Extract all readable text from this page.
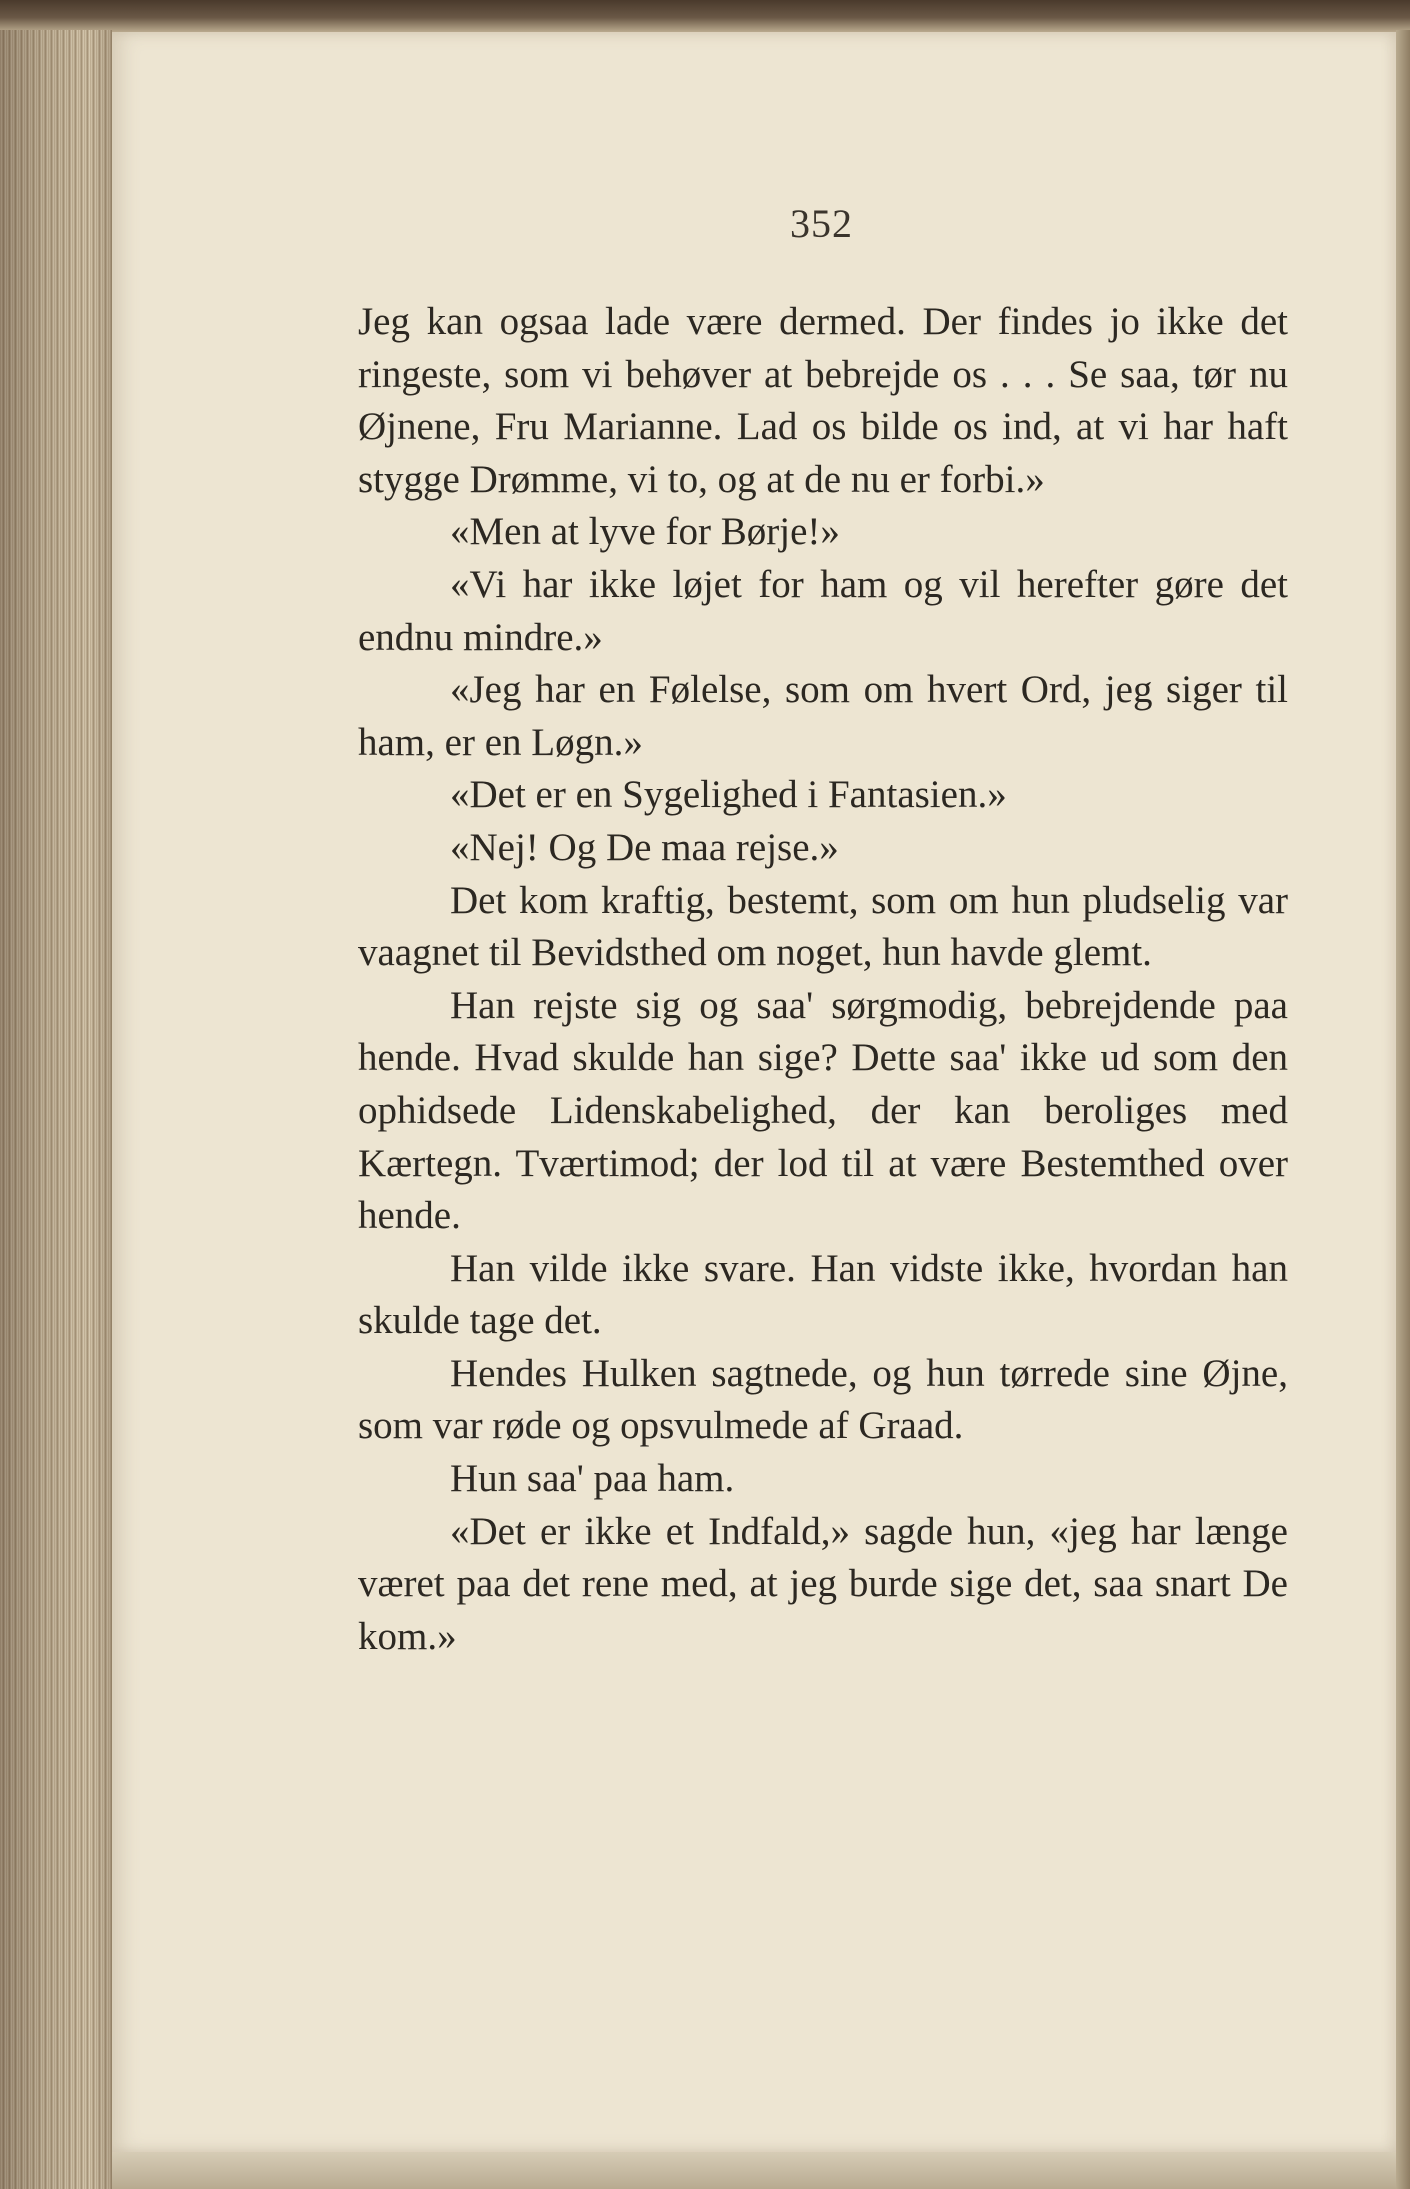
352

Jeg kan ogsaa lade være dermed. Der findes jo ikke det ringeste, som vi behøver at bebrejde os . . . Se saa, tør nu Øjnene, Fru Marianne. Lad os bilde os ind, at vi har haft stygge Drømme, vi to, og at de nu er forbi.»

«Men at lyve for Børje!»

«Vi har ikke løjet for ham og vil herefter gøre det endnu mindre.»

«Jeg har en Følelse, som om hvert Ord, jeg siger til ham, er en Løgn.»

«Det er en Sygelighed i Fantasien.»

«Nej! Og De maa rejse.»

Det kom kraftig, bestemt, som om hun pludselig var vaagnet til Bevidsthed om noget, hun havde glemt.

Han rejste sig og saa' sørgmodig, bebrejdende paa hende. Hvad skulde han sige? Dette saa' ikke ud som den ophidsede Lidenskabelighed, der kan beroliges med Kærtegn. Tværtimod; der lod til at være Bestemthed over hende.

Han vilde ikke svare. Han vidste ikke, hvordan han skulde tage det.

Hendes Hulken sagtnede, og hun tørrede sine Øjne, som var røde og opsvulmede af Graad.

Hun saa' paa ham.

«Det er ikke et Indfald,» sagde hun, «jeg har længe været paa det rene med, at jeg burde sige det, saa snart De kom.»
